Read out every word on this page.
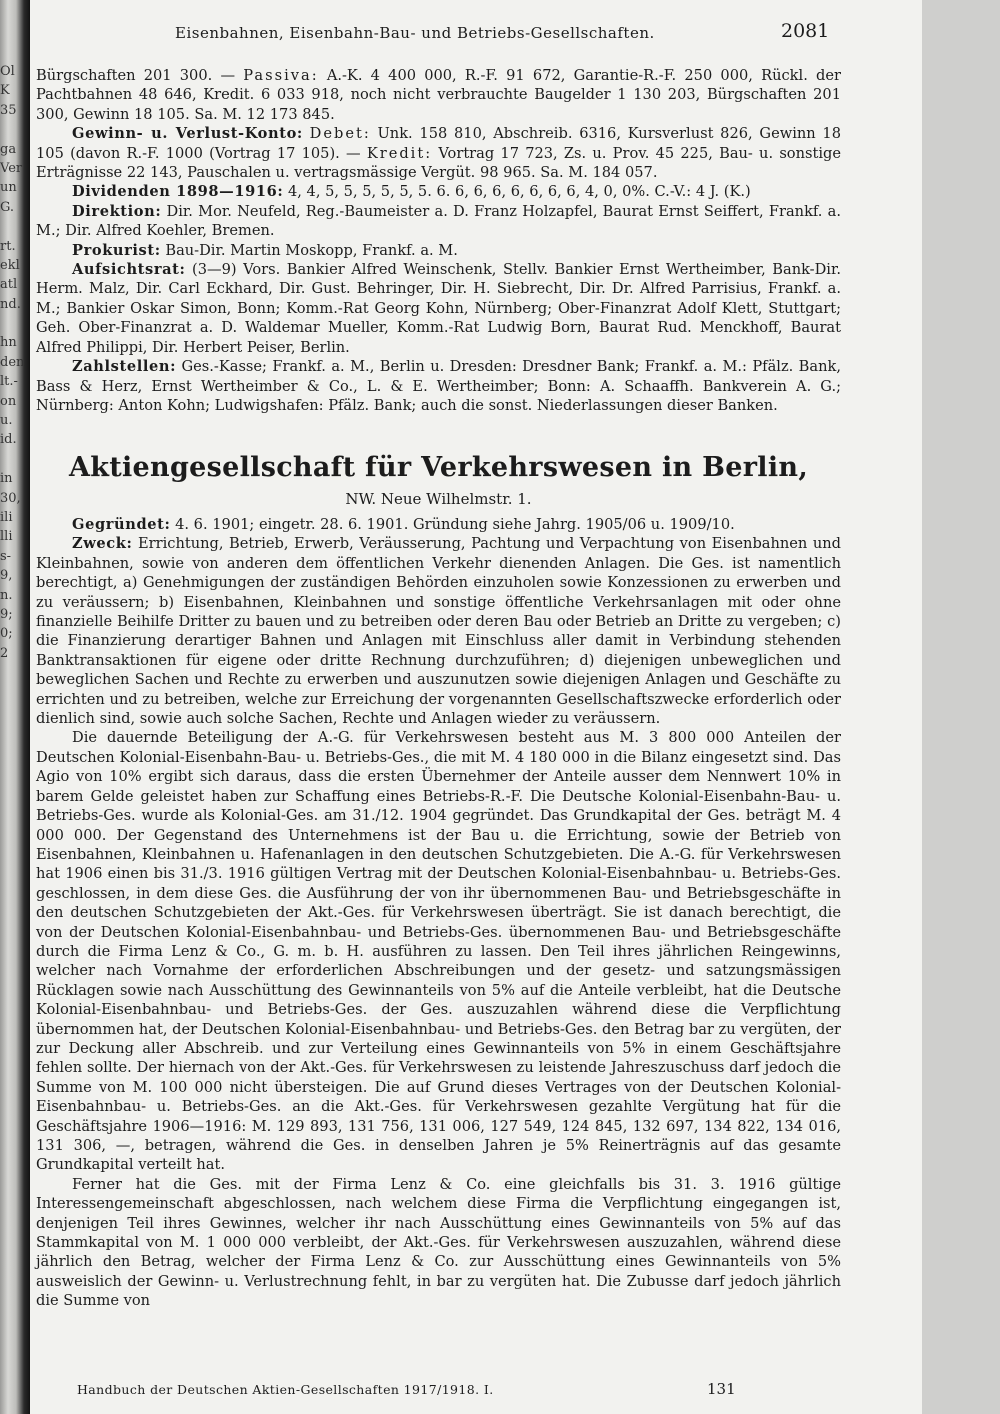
Ol
K
35
ga
Ver
un
G.
rt.
ekl
atl
nd.
hn
den
lt.-
on
u.
id.
in
30,
ili
lli
s-
9,
n.
9;
0;
2
Eisenbahnen, Eisenbahn-Bau- und Betriebs-Gesellschaften.	2081

Bürgschaften 201 300. — Passiva: A.-K. 4 400 000, R.-F. 91 672, Garantie-R.-F. 250 000, Rückl. der Pachtbahnen 48 646, Kredit. 6 033 918, noch nicht verbrauchte Baugelder 1 130 203, Bürgschaften 201 300, Gewinn 18 105. Sa. M. 12 173 845.

Gewinn- u. Verlust-Konto: Debet: Unk. 158 810, Abschreib. 6316, Kursverlust 826, Gewinn 18 105 (davon R.-F. 1000 (Vortrag 17 105). — Kredit: Vortrag 17 723, Zs. u. Prov. 45 225, Bau- u. sonstige Erträgnisse 22 143, Pauschalen u. vertragsmässige Vergüt. 98 965. Sa. M. 184 057.

Dividenden 1898—1916: 4, 4, 5, 5, 5, 5, 5, 5. 6. 6, 6, 6, 6, 6, 6, 6, 4, 0, 0%. C.-V.: 4 J. (K.)

Direktion: Dir. Mor. Neufeld, Reg.-Baumeister a. D. Franz Holzapfel, Baurat Ernst Seiffert, Frankf. a. M.; Dir. Alfred Koehler, Bremen.

Prokurist: Bau-Dir. Martin Moskopp, Frankf. a. M.

Aufsichtsrat: (3—9) Vors. Bankier Alfred Weinschenk, Stellv. Bankier Ernst Wertheimber, Bank-Dir. Herm. Malz, Dir. Carl Eckhard, Dir. Gust. Behringer, Dir. H. Siebrecht, Dir. Dr. Alfred Parrisius, Frankf. a. M.; Bankier Oskar Simon, Bonn; Komm.-Rat Georg Kohn, Nürnberg; Ober-Finanzrat Adolf Klett, Stuttgart; Geh. Ober-Finanzrat a. D. Waldemar Mueller, Komm.-Rat Ludwig Born, Baurat Rud. Menckhoff, Baurat Alfred Philippi, Dir. Herbert Peiser, Berlin.

Zahlstellen: Ges.-Kasse; Frankf. a. M., Berlin u. Dresden: Dresdner Bank; Frankf. a. M.: Pfälz. Bank, Bass & Herz, Ernst Wertheimber & Co., L. & E. Wertheimber; Bonn: A. Schaaffh. Bankverein A. G.; Nürnberg: Anton Kohn; Ludwigshafen: Pfälz. Bank; auch die sonst. Niederlassungen dieser Banken.

Aktiengesellschaft für Verkehrswesen in Berlin,
NW. Neue Wilhelmstr. 1.

Gegründet: 4. 6. 1901; eingetr. 28. 6. 1901. Gründung siehe Jahrg. 1905/06 u. 1909/10.

Zweck: Errichtung, Betrieb, Erwerb, Veräusserung, Pachtung und Verpachtung von Eisenbahnen und Kleinbahnen, sowie von anderen dem öffentlichen Verkehr dienenden Anlagen. Die Ges. ist namentlich berechtigt, a) Genehmigungen der zuständigen Behörden einzuholen sowie Konzessionen zu erwerben und zu veräussern; b) Eisenbahnen, Kleinbahnen und sonstige öffentliche Verkehrsanlagen mit oder ohne finanzielle Beihilfe Dritter zu bauen und zu betreiben oder deren Bau oder Betrieb an Dritte zu vergeben; c) die Finanzierung derartiger Bahnen und Anlagen mit Einschluss aller damit in Verbindung stehenden Banktransaktionen für eigene oder dritte Rechnung durchzuführen; d) diejenigen unbeweglichen und beweglichen Sachen und Rechte zu erwerben und auszunutzen sowie diejenigen Anlagen und Geschäfte zu errichten und zu betreiben, welche zur Erreichung der vorgenannten Gesellschaftszwecke erforderlich oder dienlich sind, sowie auch solche Sachen, Rechte und Anlagen wieder zu veräussern.

Die dauernde Beteiligung der A.-G. für Verkehrswesen besteht aus M. 3 800 000 Anteilen der Deutschen Kolonial-Eisenbahn-Bau- u. Betriebs-Ges., die mit M. 4 180 000 in die Bilanz eingesetzt sind. Das Agio von 10% ergibt sich daraus, dass die ersten Übernehmer der Anteile ausser dem Nennwert 10% in barem Gelde geleistet haben zur Schaffung eines Betriebs-R.-F. Die Deutsche Kolonial-Eisenbahn-Bau- u. Betriebs-Ges. wurde als Kolonial-Ges. am 31./12. 1904 gegründet. Das Grundkapital der Ges. beträgt M. 4 000 000. Der Gegenstand des Unternehmens ist der Bau u. die Errichtung, sowie der Betrieb von Eisenbahnen, Kleinbahnen u. Hafenanlagen in den deutschen Schutzgebieten. Die A.-G. für Verkehrswesen hat 1906 einen bis 31./3. 1916 gültigen Vertrag mit der Deutschen Kolonial-Eisenbahnbau- u. Betriebs-Ges. geschlossen, in dem diese Ges. die Ausführung der von ihr übernommenen Bau- und Betriebsgeschäfte in den deutschen Schutzgebieten der Akt.-Ges. für Verkehrswesen überträgt. Sie ist danach berechtigt, die von der Deutschen Kolonial-Eisenbahnbau- und Betriebs-Ges. übernommenen Bau- und Betriebsgeschäfte durch die Firma Lenz & Co., G. m. b. H. ausführen zu lassen. Den Teil ihres jährlichen Reingewinns, welcher nach Vornahme der erforderlichen Abschreibungen und der gesetz- und satzungsmässigen Rücklagen sowie nach Ausschüttung des Gewinnanteils von 5% auf die Anteile verbleibt, hat die Deutsche Kolonial-Eisenbahnbau- und Betriebs-Ges. der Ges. auszuzahlen während diese die Verpflichtung übernommen hat, der Deutschen Kolonial-Eisenbahnbau- und Betriebs-Ges. den Betrag bar zu vergüten, der zur Deckung aller Abschreib. und zur Verteilung eines Gewinnanteils von 5% in einem Geschäftsjahre fehlen sollte. Der hiernach von der Akt.-Ges. für Verkehrswesen zu leistende Jahreszuschuss darf jedoch die Summe von M. 100 000 nicht übersteigen. Die auf Grund dieses Vertrages von der Deutschen Kolonial-Eisenbahnbau- u. Betriebs-Ges. an die Akt.-Ges. für Verkehrswesen gezahlte Vergütung hat für die Geschäftsjahre 1906—1916: M. 129 893, 131 756, 131 006, 127 549, 124 845, 132 697, 134 822, 134 016, 131 306, —, betragen, während die Ges. in denselben Jahren je 5% Reinerträgnis auf das gesamte Grundkapital verteilt hat.

Ferner hat die Ges. mit der Firma Lenz & Co. eine gleichfalls bis 31. 3. 1916 gültige Interessengemeinschaft abgeschlossen, nach welchem diese Firma die Verpflichtung eingegangen ist, denjenigen Teil ihres Gewinnes, welcher ihr nach Ausschüttung eines Gewinnanteils von 5% auf das Stammkapital von M. 1 000 000 verbleibt, der Akt.-Ges. für Verkehrswesen auszuzahlen, während diese jährlich den Betrag, welcher der Firma Lenz & Co. zur Ausschüttung eines Gewinnanteils von 5% ausweislich der Gewinn- u. Verlustrechnung fehlt, in bar zu vergüten hat. Die Zubusse darf jedoch jährlich die Summe von

Handbuch der Deutschen Aktien-Gesellschaften 1917/1918. I.	131
